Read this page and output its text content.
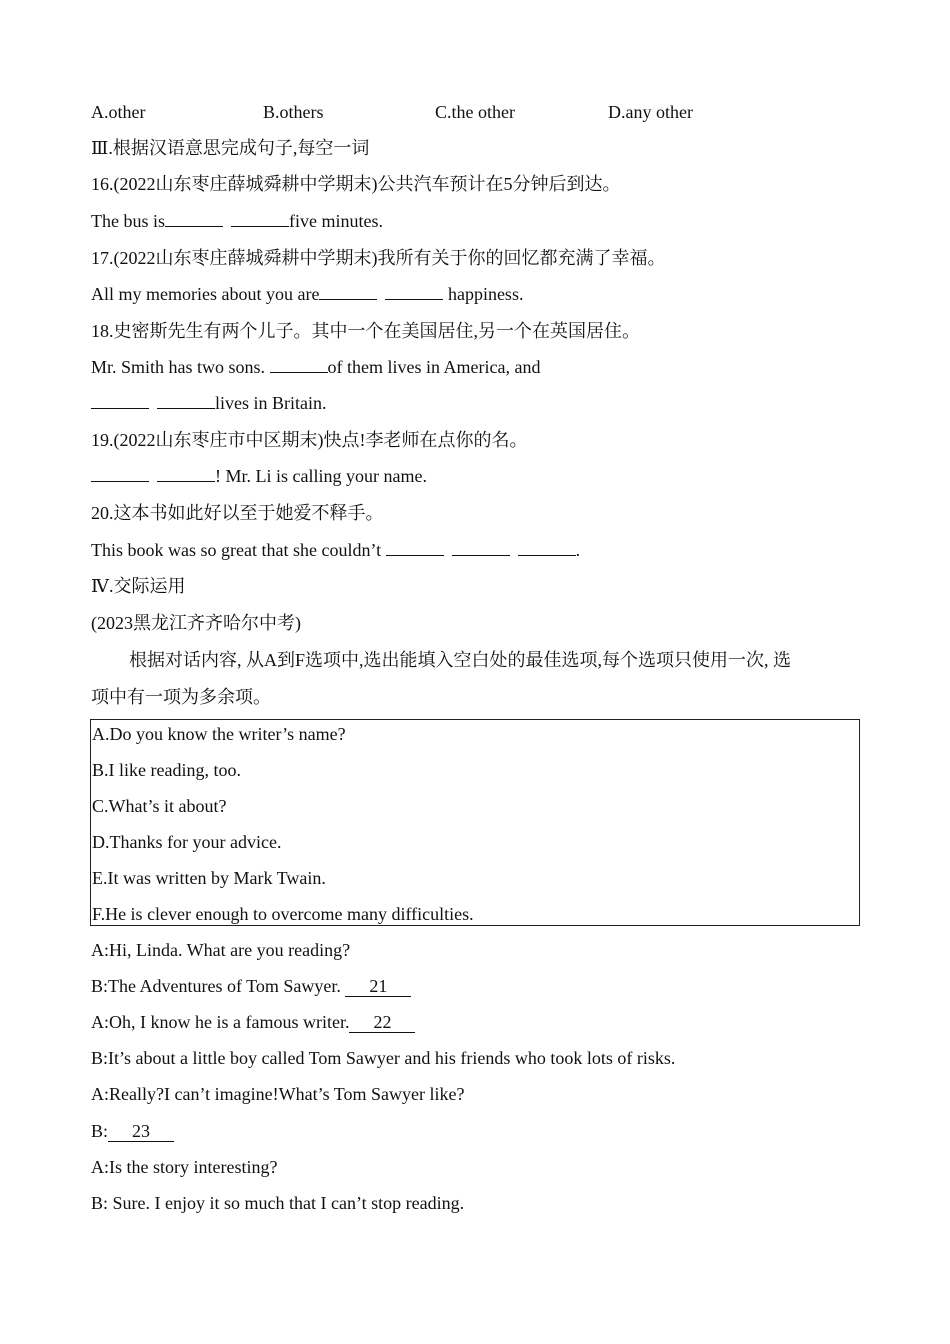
A.other	B.others	C.the other	D.any other
Ⅲ.根据汉语意思完成句子,每空一词
16.(2022山东枣庄薛城舜耕中学期末)公共汽车预计在5分钟后到达。
The bus is	five minutes.
17.(2022山东枣庄薛城舜耕中学期末)我所有关于你的回忆都充满了幸福。
All my memories about you are	happiness.
18.史密斯先生有两个儿子。其中一个在美国居住,另一个在英国居住。
Mr. Smith has two sons.	of them lives in America, and
lives in Britain.
19.(2022山东枣庄市中区期末)快点!李老师在点你的名。
! Mr. Li is calling your name.
20.这本书如此好以至于她爱不释手。
This book was so great that she couldn’t	.
Ⅳ.交际运用
(2023黑龙江齐齐哈尔中考)
根据对话内容, 从A到F选项中,选出能填入空白处的最佳选项,每个选项只使用一次, 选
项中有一项为多余项。
A.Do you know the writer’s name?
B.I like reading, too.
C.What’s it about?
D.Thanks for your advice.
E.It was written by Mark Twain.
F.He is clever enough to overcome many difficulties.
A:Hi, Linda. What are you reading?
B:The Adventures of Tom Sawyer. 21
A:Oh, I know he is a famous writer. 22
B:It’s about a little boy called Tom Sawyer and his friends who took lots of risks.
A:Really?I can’t imagine!What’s Tom Sawyer like?
B: 23
A:Is the story interesting?
B: Sure. I enjoy it so much that I can’t stop reading.
